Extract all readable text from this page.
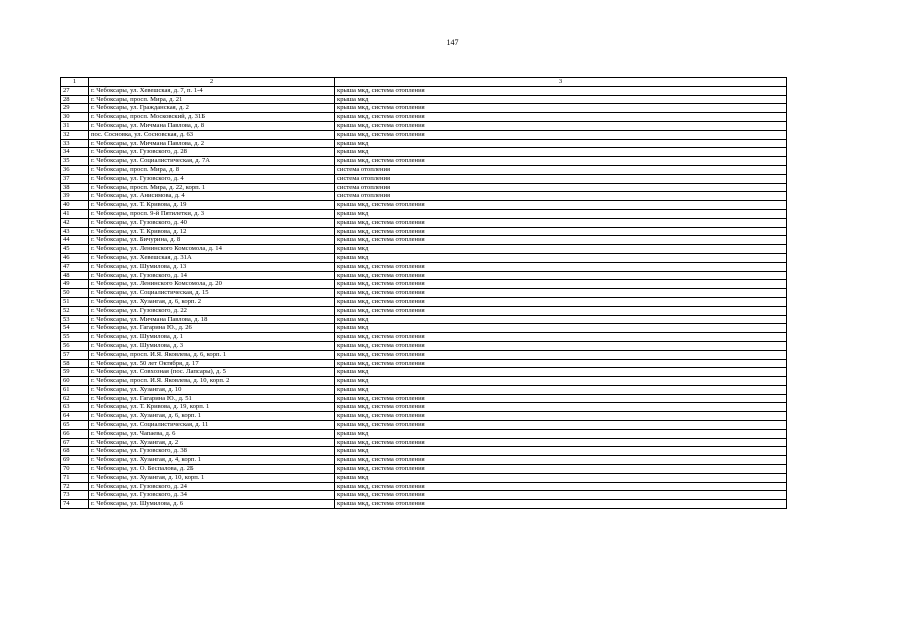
147
1	2	3
27	г. Чебоксары, ул. Хевешская, д. 7, п. 1-4	крыша мкд, система отопления
28	г. Чебоксары, просп. Мира, д. 21	крыша мкд
29	г. Чебоксары, ул. Гражданская, д. 2	крыша мкд, система отопления
30	г. Чебоксары, просп. Московский, д. 31Б	крыша мкд, система отопления
31	г. Чебоксары, ул. Мичмана Павлова, д. 8	крыша мкд, система отопления
32	пос. Сосновка, ул. Сосновская, д. 63	крыша мкд, система отопления
33	г. Чебоксары, ул. Мичмана Павлова, д. 2	крыша мкд
34	г. Чебоксары, ул. Гузовского, д. 28	крыша мкд
35	г. Чебоксары, ул. Социалистическая, д. 7А	крыша мкд, система отопления
36	г. Чебоксары, просп. Мира, д. 8	система отопления
37	г. Чебоксары, ул. Гузовского, д. 4	система отопления
38	г. Чебоксары, просп. Мира, д. 22, корп. 1	система отопления
39	г. Чебоксары, ул. Анисимова, д. 4	система отопления
40	г. Чебоксары, ул. Т. Кривова, д. 19	крыша мкд, система отопления
41	г. Чебоксары, просп. 9-й Пятилетки, д. 3	крыша мкд
42	г. Чебоксары, ул. Гузовского, д. 40	крыша мкд, система отопления
43	г. Чебоксары, ул. Т. Кривова, д. 12	крыша мкд, система отопления
44	г. Чебоксары, ул. Бичурина, д. 8	крыша мкд, система отопления
45	г. Чебоксары, ул. Ленинского Комсомола, д. 14	крыша мкд
46	г. Чебоксары, ул. Хевешская, д. 31А	крыша мкд
47	г. Чебоксары, ул. Шумилова, д. 13	крыша мкд, система отопления
48	г. Чебоксары, ул. Гузовского, д. 14	крыша мкд, система отопления
49	г. Чебоксары, ул. Ленинского Комсомола, д. 20	крыша мкд, система отопления
50	г. Чебоксары, ул. Социалистическая, д. 15	крыша мкд, система отопления
51	г. Чебоксары, ул. Хузангая, д. 6, корп. 2	крыша мкд, система отопления
52	г. Чебоксары, ул. Гузовского, д. 22	крыша мкд, система отопления
53	г. Чебоксары, ул. Мичмана Павлова, д. 18	крыша мкд
54	г. Чебоксары, ул. Гагарина Ю., д. 26	крыша мкд
55	г. Чебоксары, ул. Шумилова, д. 1	крыша мкд, система отопления
56	г. Чебоксары, ул. Шумилова, д. 3	крыша мкд, система отопления
57	г. Чебоксары, просп. И.Я. Яковлева, д. 6, корп. 1	крыша мкд, система отопления
58	г. Чебоксары, ул. 50 лет Октября, д. 17	крыша мкд, система отопления
59	г. Чебоксары, ул. Совхозная (пос. Лапсары), д. 5	крыша мкд
60	г. Чебоксары, просп. И.Я. Яковлева, д. 10, корп. 2	крыша мкд
61	г. Чебоксары, ул. Хузангая, д. 10	крыша мкд
62	г. Чебоксары, ул. Гагарина Ю., д. 51	крыша мкд, система отопления
63	г. Чебоксары, ул. Т. Кривова, д. 19, корп. 1	крыша мкд, система отопления
64	г. Чебоксары, ул. Хузангая, д. 6, корп. 1	крыша мкд, система отопления
65	г. Чебоксары, ул. Социалистическая, д. 11	крыша мкд, система отопления
66	г. Чебоксары, ул. Чапаева, д. 6	крыша мкд
67	г. Чебоксары, ул. Хузангая, д. 2	крыша мкд, система отопления
68	г. Чебоксары, ул. Гузовского, д. 38	крыша мкд
69	г. Чебоксары, ул. Хузангая, д. 4, корп. 1	крыша мкд, система отопления
70	г. Чебоксары, ул. О. Беспалова, д. 2Б	крыша мкд, система отопления
71	г. Чебоксары, ул. Хузангая, д. 10, корп. 1	крыша мкд
72	г. Чебоксары, ул. Гузовского, д. 24	крыша мкд, система отопления
73	г. Чебоксары, ул. Гузовского, д. 34	крыша мкд, система отопления
74	г. Чебоксары, ул. Шумилова, д. 6	крыша мкд, система отопления
